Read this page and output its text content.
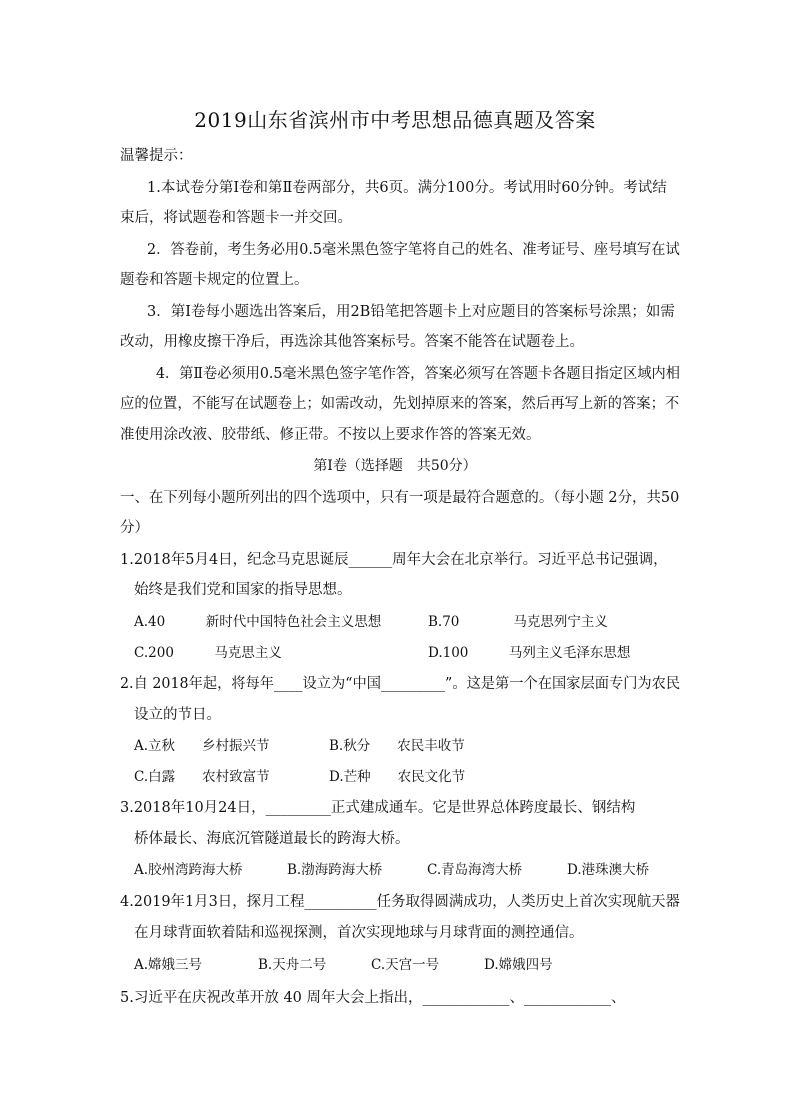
2019山东省滨州市中考思想品德真题及答案
温馨提示：
1.本试卷分第Ⅰ卷和第Ⅱ卷两部分，共6页。满分100分。考试用时60分钟。考试结
束后，将试题卷和答题卡一并交回。
2．答卷前，考生务必用0.5毫米黑色签字笔将自己的姓名、准考证号、座号填写在试
题卷和答题卡规定的位置上。
3．第Ⅰ卷每小题选出答案后，用2B铅笔把答题卡上对应题目的答案标号涂黑；如需
改动，用橡皮擦干净后，再选涂其他答案标号。答案不能答在试题卷上。
4．第Ⅱ卷必须用0.5毫米黑色签字笔作答，答案必须写在答题卡各题目指定区域内相
应的位置，不能写在试题卷上；如需改动，先划掉原来的答案，然后再写上新的答案；不
准使用涂改液、胶带纸、修正带。不按以上要求作答的答案无效。
第Ⅰ卷（选择题　共50分）
一、在下列每小题所列出的四个选项中，只有一项是最符合题意的。（每小题 2分，共50
分）
1.2018年5月4日，纪念马克思诞辰______周年大会在北京举行。习近平总书记强调，
始终是我们党和国家的指导思想。
A.40　　　新时代中国特色社会主义思想	B.70　　　　马克思列宁主义
C.200　　　马克思主义	D.100　　　马列主义毛泽东思想
2.自 2018年起，将每年____设立为“中国_________”。这是第一个在国家层面专门为农民
设立的节日。
A.立秋　　乡村振兴节	B.秋分　　农民丰收节
C.白露　　农村致富节	D.芒种　　农民文化节
3.2018年10月24日，_________正式建成通车。它是世界总体跨度最长、钢结构
桥体最长、海底沉管隧道最长的跨海大桥。
A.胶州湾跨海大桥	B.渤海跨海大桥	C.青岛海湾大桥	D.港珠澳大桥
4.2019年1月3日，探月工程__________任务取得圆满成功，人类历史上首次实现航天器
在月球背面软着陆和巡视探测，首次实现地球与月球背面的测控通信。
A.嫦娥三号	B.天舟二号	C.天宫一号	D.嫦娥四号
5.习近平在庆祝改革开放 40 周年大会上指出，____________、____________、
